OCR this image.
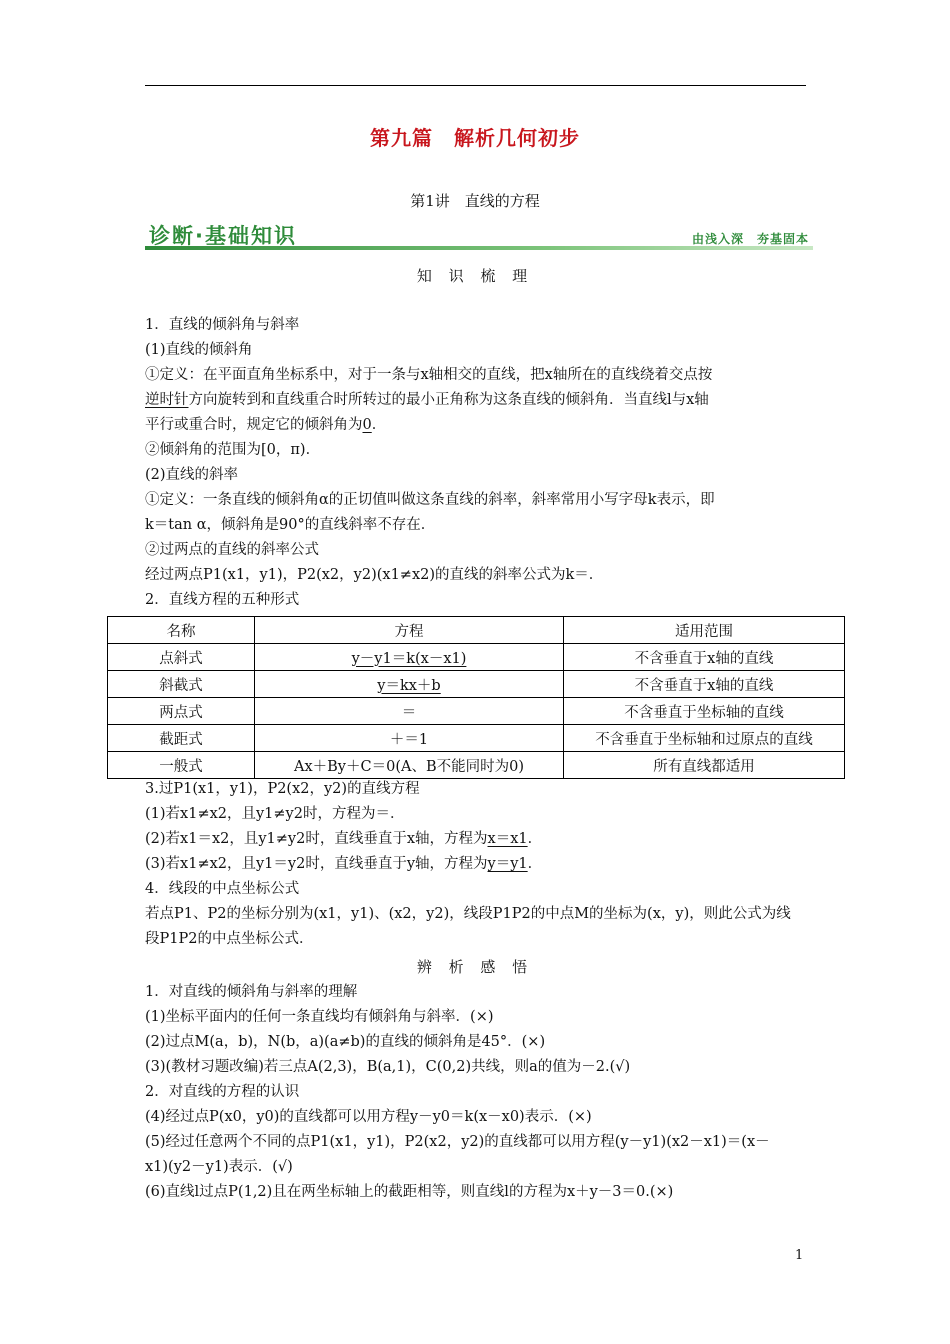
第九篇　解析几何初步
第1讲　直线的方程
诊断·基础知识	由浅入深　夯基固本
知 识 梳 理

1．直线的倾斜角与斜率

(1)直线的倾斜角

①定义：在平面直角坐标系中，对于一条与x轴相交的直线，把x轴所在的直线绕着交点按

逆时针方向旋转到和直线重合时所转过的最小正角称为这条直线的倾斜角．当直线l与x轴

平行或重合时，规定它的倾斜角为0．

②倾斜角的范围为[0，π)．

(2)直线的斜率

①定义：一条直线的倾斜角α的正切值叫做这条直线的斜率，斜率常用小写字母k表示，即

k＝tan α，倾斜角是90°的直线斜率不存在．

②过两点的直线的斜率公式

经过两点P1(x1，y1)，P2(x2，y2)(x1≠x2)的直线的斜率公式为k＝．

2．直线方程的五种形式

名称	方程	适用范围
点斜式	y－y1＝k(x－x1)	不含垂直于x轴的直线
斜截式	y＝kx＋b	不含垂直于x轴的直线
两点式	＝	不含垂直于坐标轴的直线
截距式	＋＝1	不含垂直于坐标轴和过原点的直线
一般式	Ax＋By＋C＝0(A、B不能同时为0)	所有直线都适用

3.过P1(x1，y1)，P2(x2，y2)的直线方程

(1)若x1≠x2，且y1≠y2时，方程为＝．

(2)若x1＝x2，且y1≠y2时，直线垂直于x轴，方程为x＝x1．

(3)若x1≠x2，且y1＝y2时，直线垂直于y轴，方程为y＝y1．

4．线段的中点坐标公式

若点P1、P2的坐标分别为(x1，y1)、(x2，y2)，线段P1P2的中点M的坐标为(x，y)，则此公式为线

段P1P2的中点坐标公式．

辨 析 感 悟

1．对直线的倾斜角与斜率的理解

(1)坐标平面内的任何一条直线均有倾斜角与斜率．(×)

(2)过点M(a，b)，N(b，a)(a≠b)的直线的倾斜角是45°．(×)

(3)(教材习题改编)若三点A(2,3)，B(a,1)，C(0,2)共线，则a的值为－2.(√)

2．对直线的方程的认识

(4)经过点P(x0，y0)的直线都可以用方程y－y0＝k(x－x0)表示．(×)

(5)经过任意两个不同的点P1(x1，y1)，P2(x2，y2)的直线都可以用方程(y－y1)(x2－x1)＝(x－

x1)(y2－y1)表示．(√)

(6)直线l过点P(1,2)且在两坐标轴上的截距相等，则直线l的方程为x＋y－3＝0.(×)

1
